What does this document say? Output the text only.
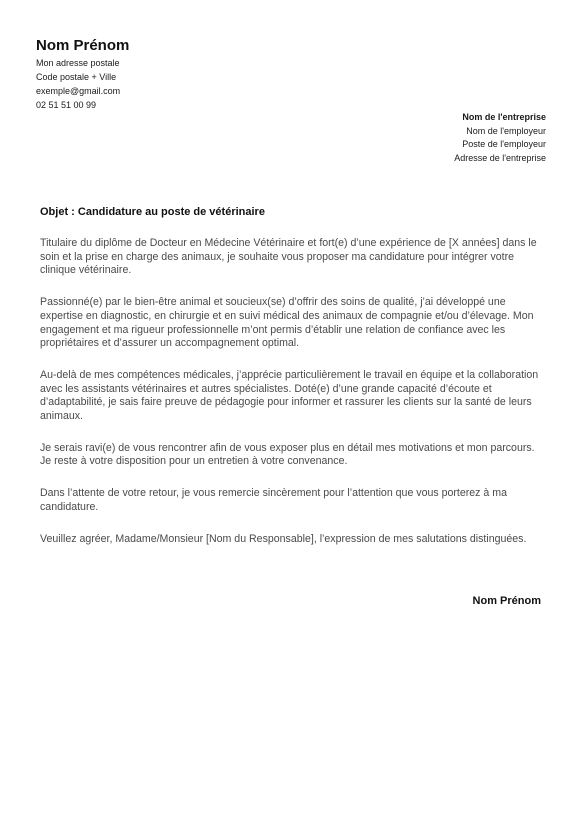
Nom Prénom
Mon adresse postale
Code postale + Ville
exemple@gmail.com
02 51 51 00 99
Nom de l'entreprise
Nom de l'employeur
Poste de l'employeur
Adresse de l'entreprise
Objet : Candidature au poste de vétérinaire

Titulaire du diplôme de Docteur en Médecine Vétérinaire et fort(e) d’une expérience de [X années] dans le soin et la prise en charge des animaux, je souhaite vous proposer ma candidature pour intégrer votre clinique vétérinaire.

Passionné(e) par le bien-être animal et soucieux(se) d’offrir des soins de qualité, j’ai développé une expertise en diagnostic, en chirurgie et en suivi médical des animaux de compagnie et/ou d’élevage. Mon engagement et ma rigueur professionnelle m’ont permis d’établir une relation de confiance avec les propriétaires et d’assurer un accompagnement optimal.

Au-delà de mes compétences médicales, j’apprécie particulièrement le travail en équipe et la collaboration avec les assistants vétérinaires et autres spécialistes. Doté(e) d’une grande capacité d’écoute et d’adaptabilité, je sais faire preuve de pédagogie pour informer et rassurer les clients sur la santé de leurs animaux.

Je serais ravi(e) de vous rencontrer afin de vous exposer plus en détail mes motivations et mon parcours. Je reste à votre disposition pour un entretien à votre convenance.

Dans l’attente de votre retour, je vous remercie sincèrement pour l’attention que vous porterez à ma candidature.

Veuillez agréer, Madame/Monsieur [Nom du Responsable], l’expression de mes salutations distinguées.

Nom Prénom
